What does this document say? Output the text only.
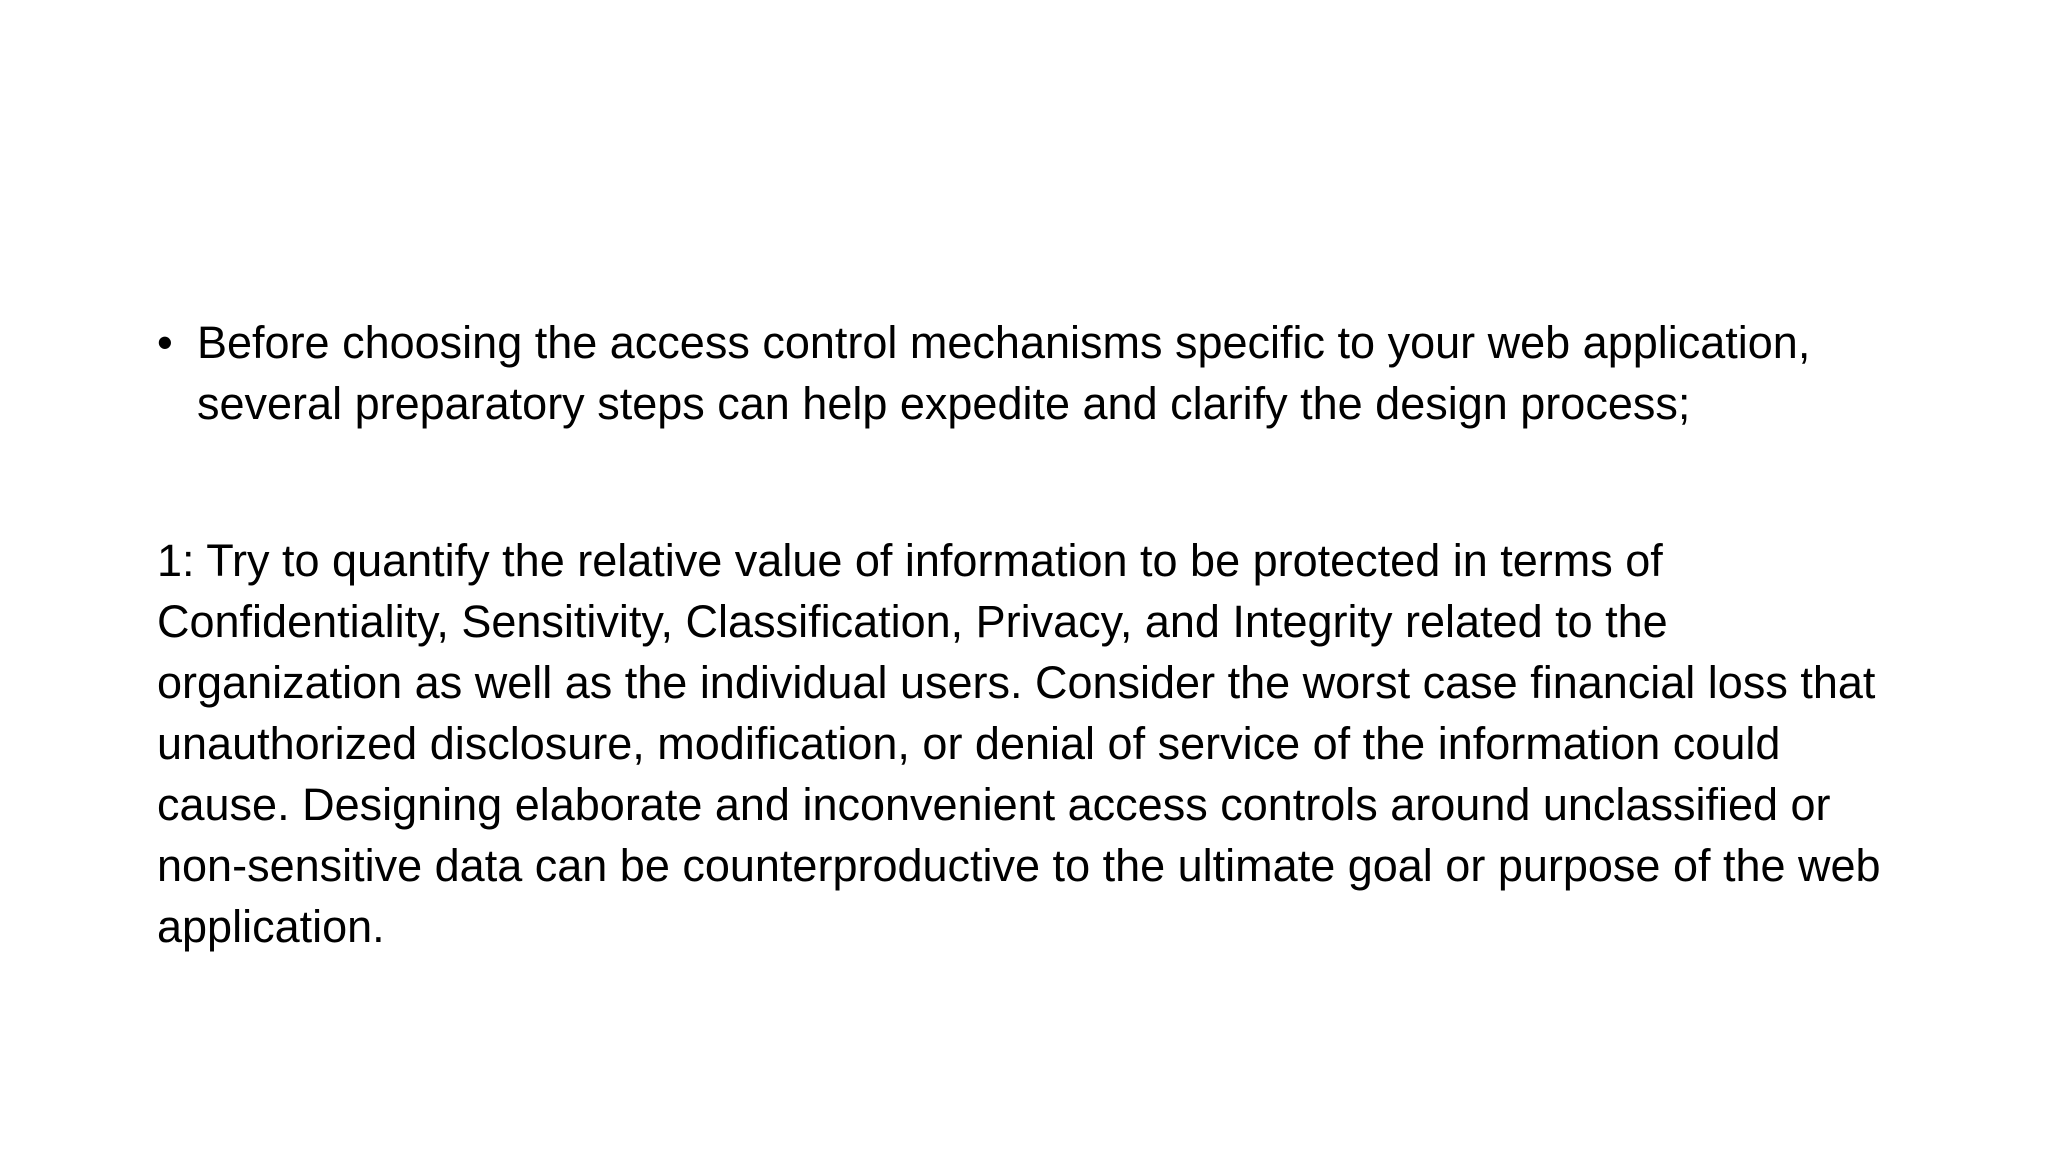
• Before choosing the access control mechanisms specific to your web application, several preparatory steps can help expedite and clarify the design process;
1: Try to quantify the relative value of information to be protected in terms of Confidentiality, Sensitivity, Classification, Privacy, and Integrity related to the organization as well as the individual users. Consider the worst case financial loss that unauthorized disclosure, modification, or denial of service of the information could cause. Designing elaborate and inconvenient access controls around unclassified or non-sensitive data can be counterproductive to the ultimate goal or purpose of the web application.
